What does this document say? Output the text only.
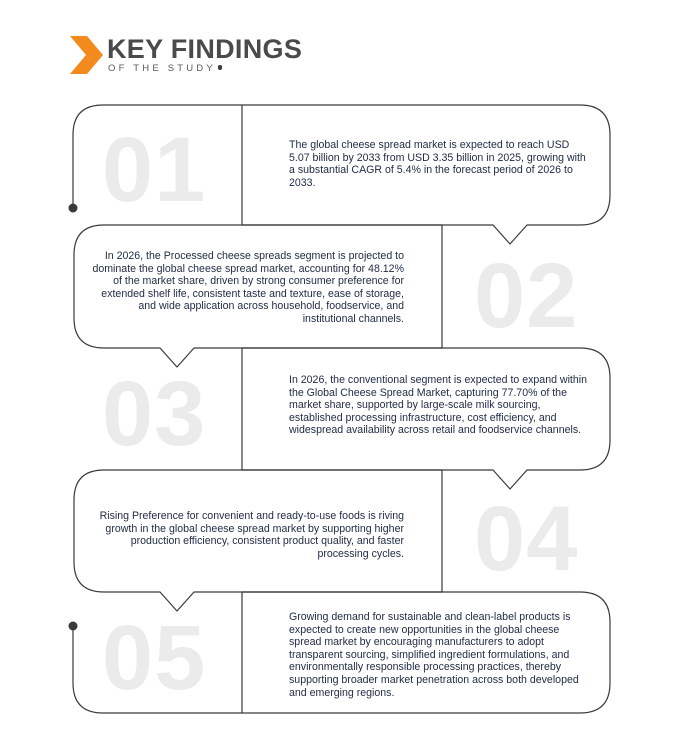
KEY FINDINGS
OF THE STUDY
01	The global cheese spread market is expected to reach USD 5.07 billion by 2033 from USD 3.35 billion in 2025, growing with a substantial CAGR of 5.4% in the forecast period of 2026 to 2033.
02
In 2026, the Processed cheese spreads segment is projected to dominate the global cheese spread market, accounting for 48.12% of the market share, driven by strong consumer preference for extended shelf life, consistent taste and texture, ease of storage, and wide application across household, foodservice, and institutional channels.
03	In 2026, the conventional segment is expected to expand within the Global Cheese Spread Market, capturing 77.70% of the market share, supported by large-scale milk sourcing, established processing infrastructure, cost efficiency, and widespread availability across retail and foodservice channels.
04
Rising Preference for convenient and ready-to-use foods is riving growth in the global cheese spread market by supporting higher production efficiency, consistent product quality, and faster processing cycles.
05	Growing demand for sustainable and clean-label products is expected to create new opportunities in the global cheese spread market by encouraging manufacturers to adopt transparent sourcing, simplified ingredient formulations, and environmentally responsible processing practices, thereby supporting broader market penetration across both developed and emerging regions.
